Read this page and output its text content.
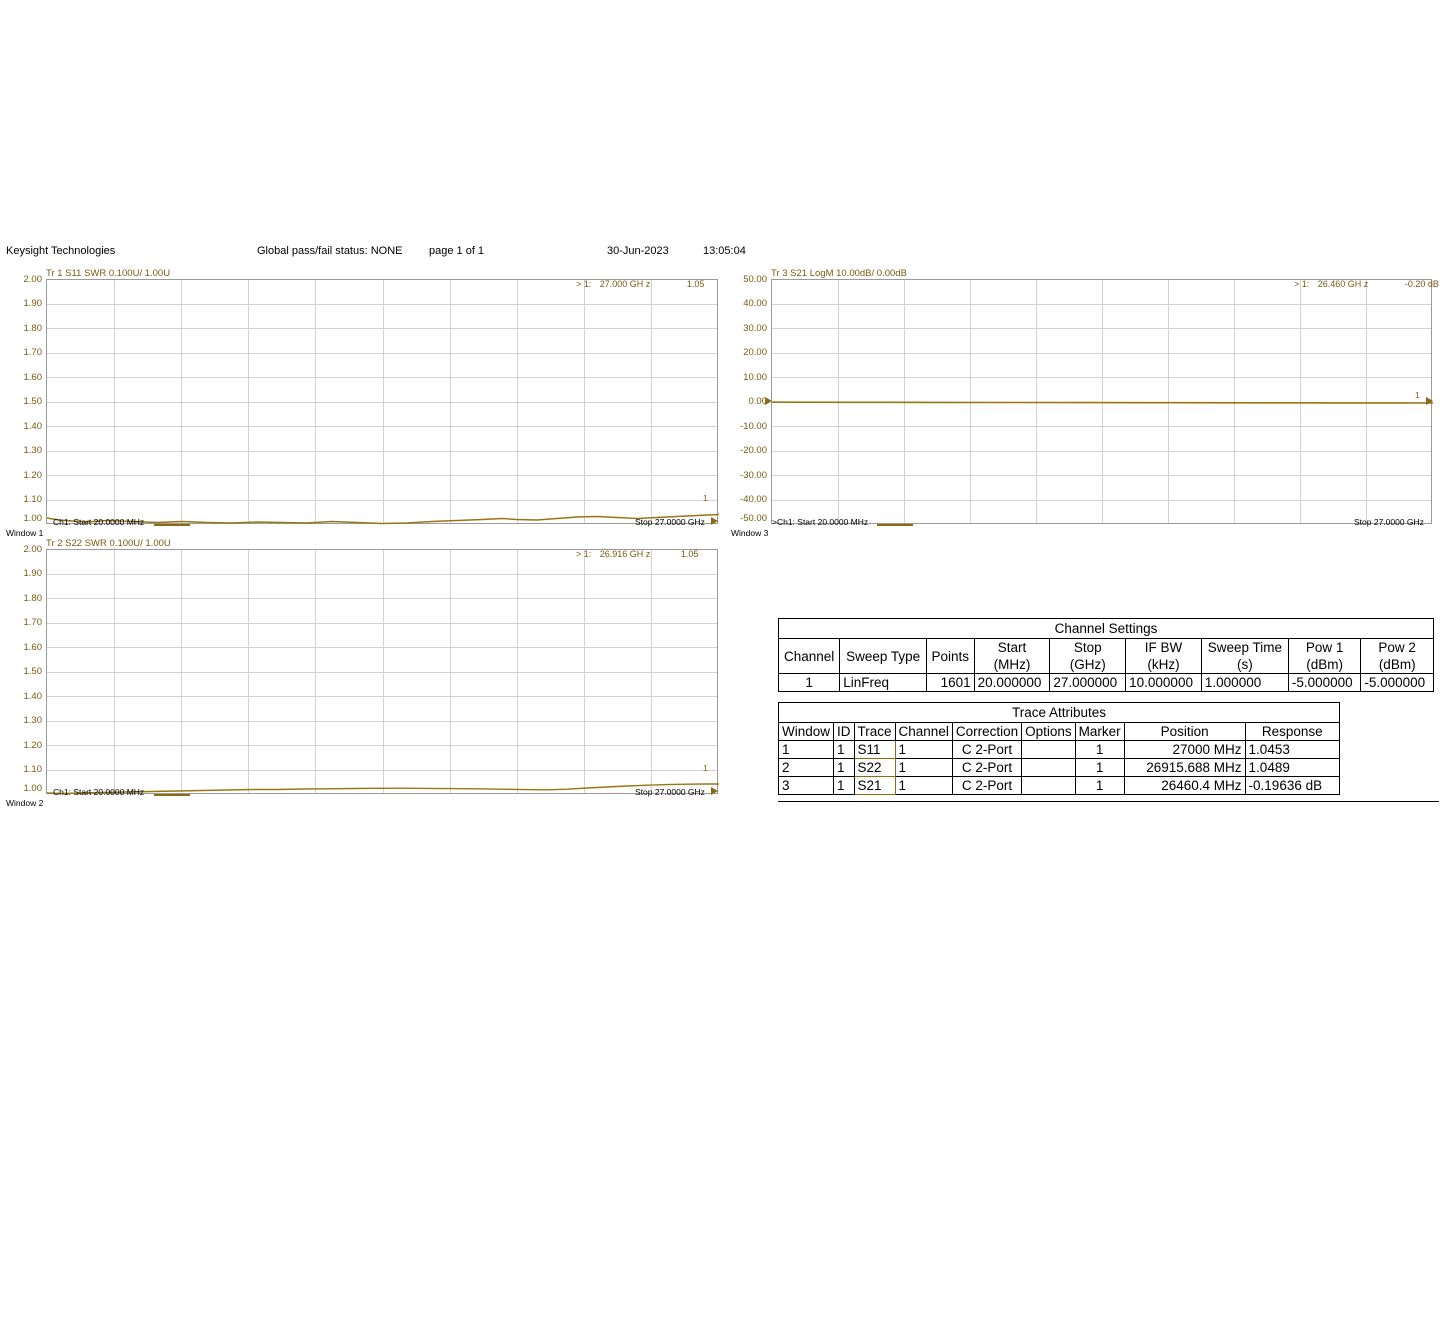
Keysight Technologies	Global pass/fail status: NONE page 1 of 1	30-Jun-2023	13:05:04
Tr 1 S11 SWR 0.100U/ 1.00U
2.00
1.90
1.80
1.70
1.60
1.50
1.40
1.30
1.20
1.10
1.00
> 1: 27.000 GH z	1.05
1
Ch1: Start 20.0000 MHz	Stop 27.0000 GHz
Window 1
Tr 2 S22 SWR 0.100U/ 1.00U
2.00
1.90
1.80
1.70
1.60
1.50
1.40
1.30
1.20
1.10
1.00
> 1: 26.916 GH z	1.05
1
Ch1: Start 20.0000 MHz	Stop 27.0000 GHz
Window 2
Tr 3 S21 LogM 10.00dB/ 0.00dB
50.00
40.00
30.00
20.00
10.00
0.00
-10.00
-20.00
-30.00
-40.00
-50.00
> 1: 26.460 GH z	-0.20 dB
1
>Ch1: Start 20.0000 MHz	Stop 27.0000 GHz
Window 3
Channel Settings
Channel	Sweep Type	Points	Start	Stop	IF BW	Sweep Time	Pow 1	Pow 2
			(MHz)	(GHz)	(kHz)	(s)	(dBm)	(dBm)
1	LinFreq	1601	20.000000	27.000000	10.000000	1.000000	-5.000000	-5.000000
Trace Attributes
Window	ID	Trace	Channel	Correction	Options	Marker	Position	Response
1	1	S11	1	C 2-Port		1	27000 MHz	1.0453
2	1	S22	1	C 2-Port		1	26915.688 MHz	1.0489
3	1	S21	1	C 2-Port		1	26460.4 MHz	-0.19636 dB
